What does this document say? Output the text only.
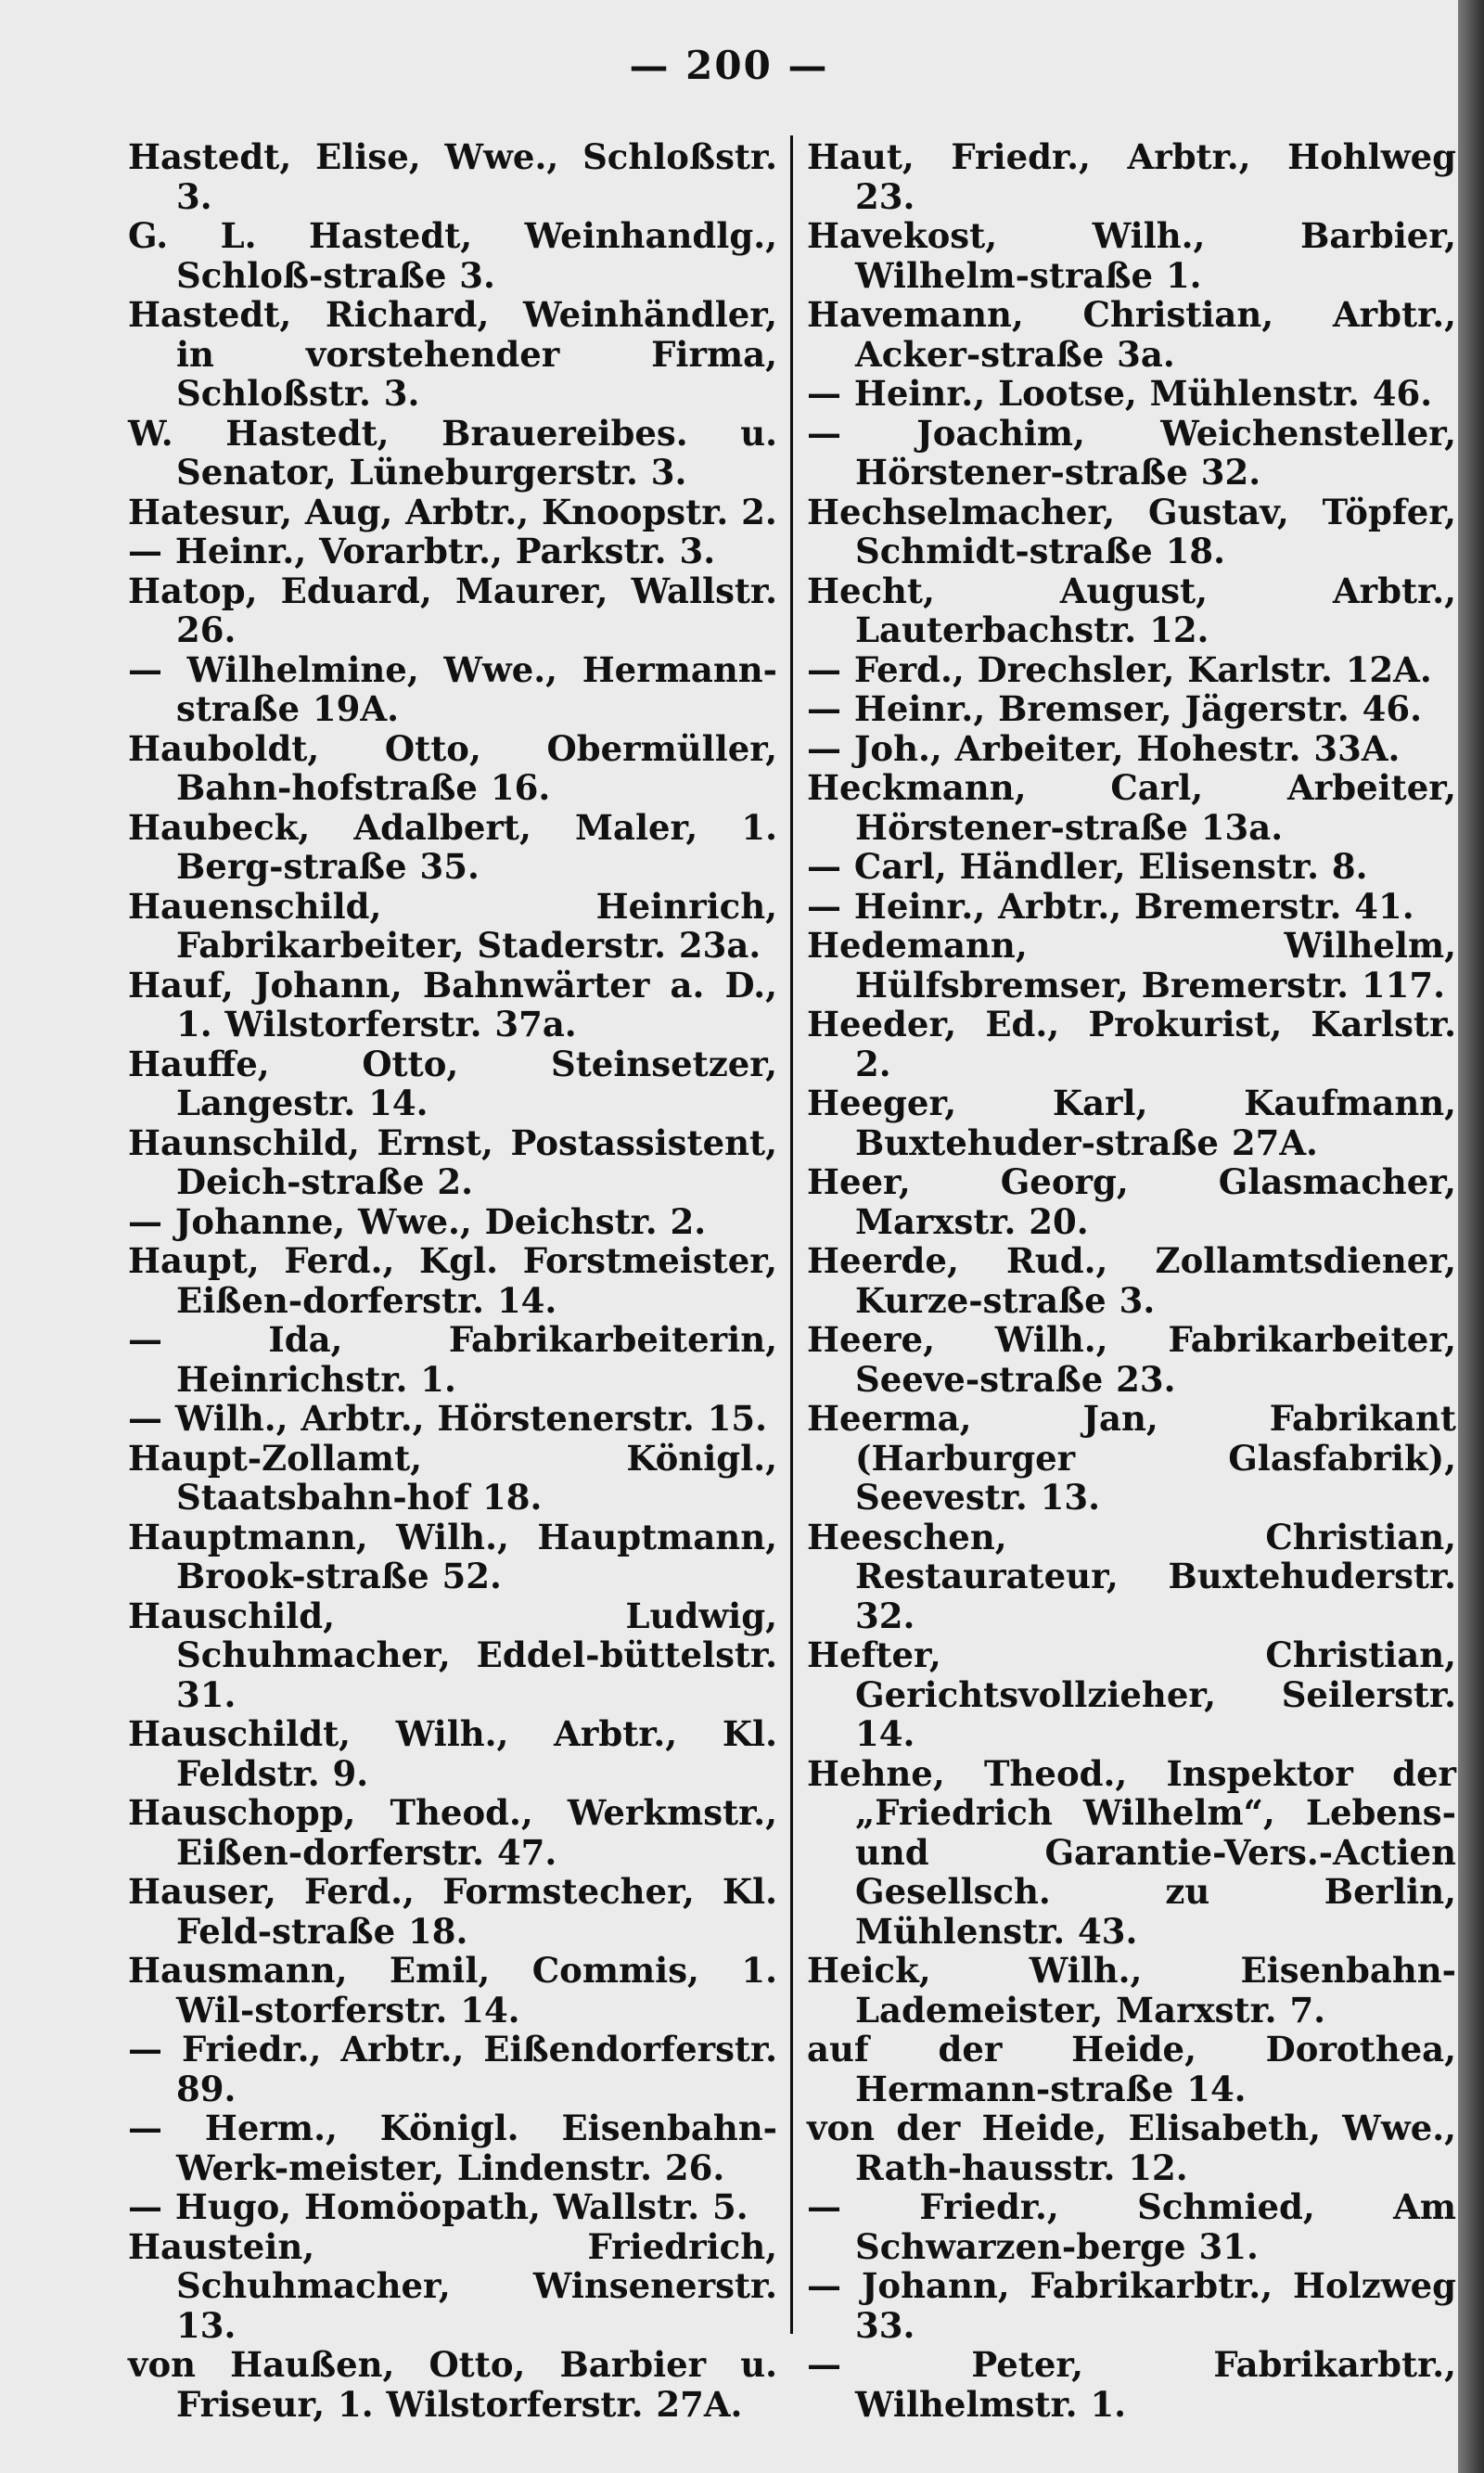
— 200 —

Hastedt, Elise, Wwe., Schloßstr. 3.

G. L. Hastedt, Weinhandlg., Schloß-straße 3.

Hastedt, Richard, Weinhändler, in vorstehender Firma, Schloßstr. 3.

W. Hastedt, Brauereibes. u. Senator, Lüneburgerstr. 3.

Hatesur, Aug, Arbtr., Knoopstr. 2.

— Heinr., Vorarbtr., Parkstr. 3.

Hatop, Eduard, Maurer, Wallstr. 26.

— Wilhelmine, Wwe., Hermann-straße 19A.

Hauboldt, Otto, Obermüller, Bahn-hofstraße 16.

Haubeck, Adalbert, Maler, 1. Berg-straße 35.

Hauenschild, Heinrich, Fabrikarbeiter, Staderstr. 23a.

Hauf, Johann, Bahnwärter a. D., 1. Wilstorferstr. 37a.

Hauffe, Otto, Steinsetzer, Langestr. 14.

Haunschild, Ernst, Postassistent, Deich-straße 2.

— Johanne, Wwe., Deichstr. 2.

Haupt, Ferd., Kgl. Forstmeister, Eißen-dorferstr. 14.

— Ida, Fabrikarbeiterin, Heinrichstr. 1.

— Wilh., Arbtr., Hörstenerstr. 15.

Haupt-Zollamt, Königl., Staatsbahn-hof 18.

Hauptmann, Wilh., Hauptmann, Brook-straße 52.

Hauschild, Ludwig, Schuhmacher, Eddel-büttelstr. 31.

Hauschildt, Wilh., Arbtr., Kl. Feldstr. 9.

Hauschopp, Theod., Werkmstr., Eißen-dorferstr. 47.

Hauser, Ferd., Formstecher, Kl. Feld-straße 18.

Hausmann, Emil, Commis, 1. Wil-storferstr. 14.

— Friedr., Arbtr., Eißendorferstr. 89.

— Herm., Königl. Eisenbahn-Werk-meister, Lindenstr. 26.

— Hugo, Homöopath, Wallstr. 5.

Haustein, Friedrich, Schuhmacher, Winsenerstr. 13.

von Haußen, Otto, Barbier u. Friseur, 1. Wilstorferstr. 27A.

Haut, Friedr., Arbtr., Hohlweg 23.

Havekost, Wilh., Barbier, Wilhelm-straße 1.

Havemann, Christian, Arbtr., Acker-straße 3a.

— Heinr., Lootse, Mühlenstr. 46.

— Joachim, Weichensteller, Hörstener-straße 32.

Hechselmacher, Gustav, Töpfer, Schmidt-straße 18.

Hecht, August, Arbtr., Lauterbachstr. 12.

— Ferd., Drechsler, Karlstr. 12A.

— Heinr., Bremser, Jägerstr. 46.

— Joh., Arbeiter, Hohestr. 33A.

Heckmann, Carl, Arbeiter, Hörstener-straße 13a.

— Carl, Händler, Elisenstr. 8.

— Heinr., Arbtr., Bremerstr. 41.

Hedemann, Wilhelm, Hülfsbremser, Bremerstr. 117.

Heeder, Ed., Prokurist, Karlstr. 2.

Heeger, Karl, Kaufmann, Buxtehuder-straße 27A.

Heer, Georg, Glasmacher, Marxstr. 20.

Heerde, Rud., Zollamtsdiener, Kurze-straße 3.

Heere, Wilh., Fabrikarbeiter, Seeve-straße 23.

Heerma, Jan, Fabrikant (Harburger Glasfabrik), Seevestr. 13.

Heeschen, Christian, Restaurateur, Buxtehuderstr. 32.

Hefter, Christian, Gerichtsvollzieher, Seilerstr. 14.

Hehne, Theod., Inspektor der „Friedrich Wilhelm“, Lebens- und Garantie-Vers.-Actien Gesellsch. zu Berlin, Mühlenstr. 43.

Heick, Wilh., Eisenbahn-Lademeister, Marxstr. 7.

auf der Heide, Dorothea, Hermann-straße 14.

von der Heide, Elisabeth, Wwe., Rath-hausstr. 12.

— Friedr., Schmied, Am Schwarzen-berge 31.

— Johann, Fabrikarbtr., Holzweg 33.

— Peter, Fabrikarbtr., Wilhelmstr. 1.
